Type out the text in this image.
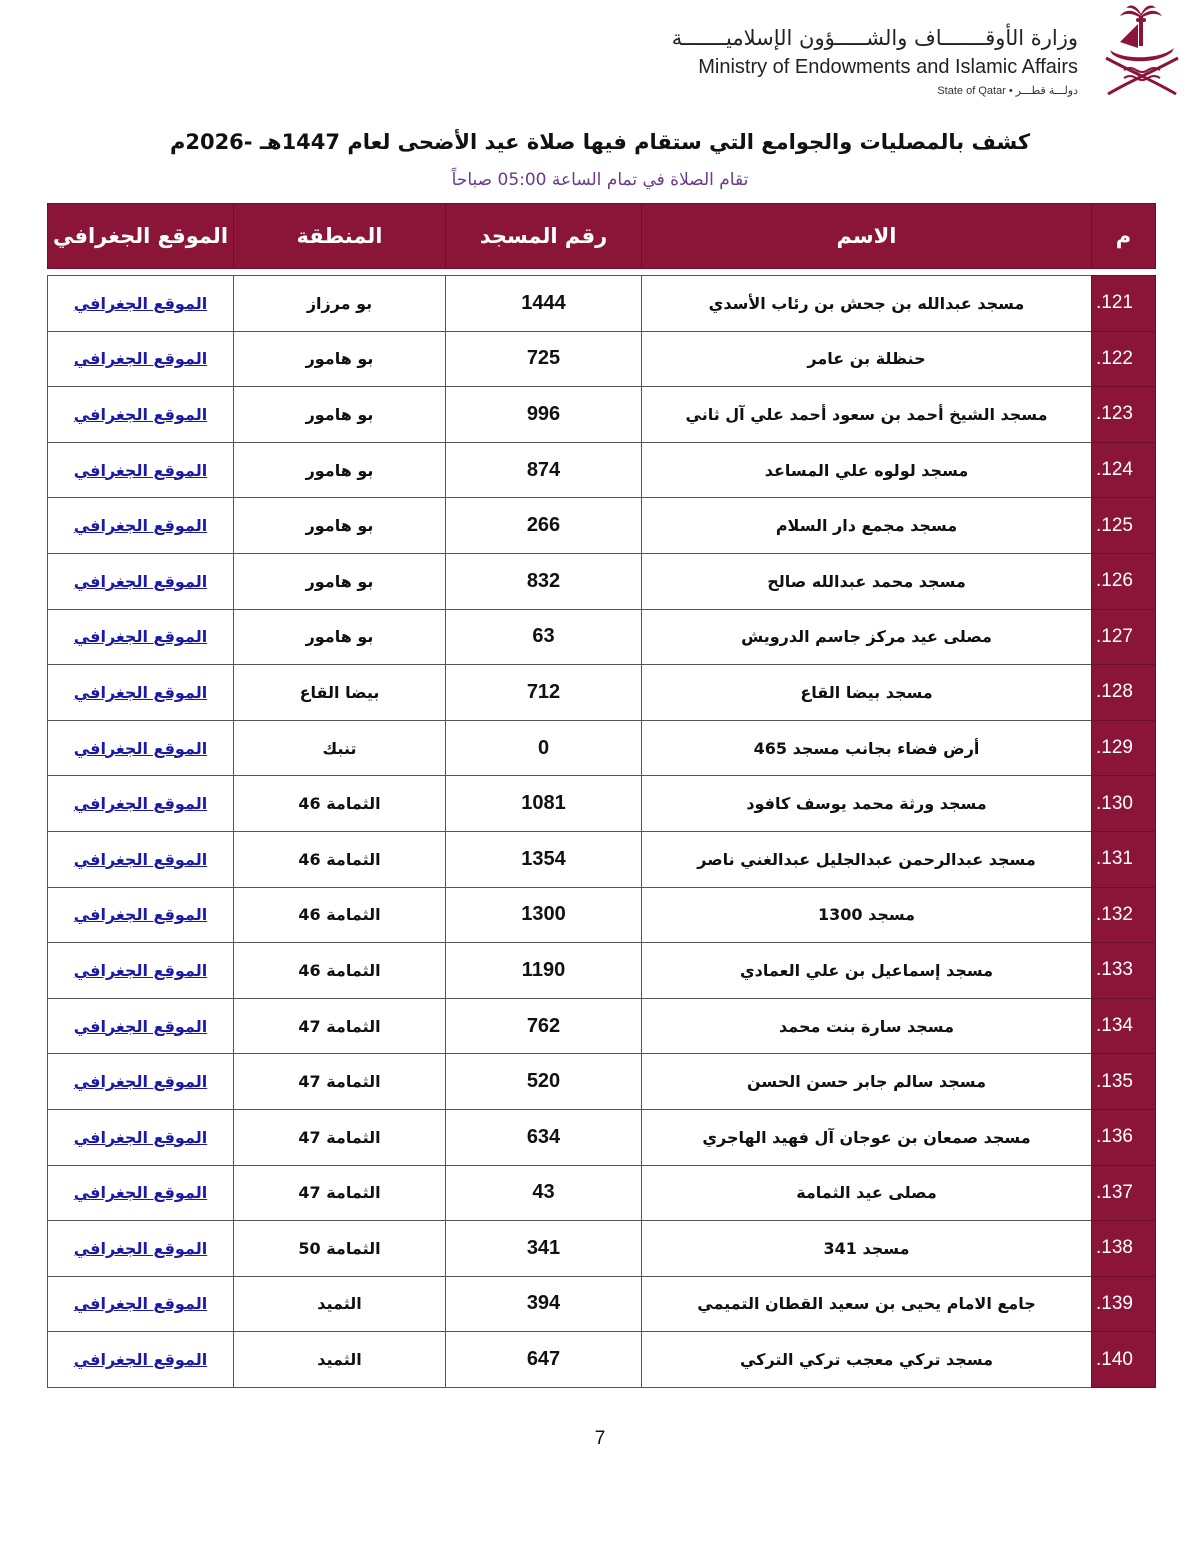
وزارة الأوقـــــــاف والشـــــؤون الإسلاميـــــــة
Ministry of Endowments and Islamic Affairs
State of Qatar • دولـــة قطـــر
كشف بالمصليات والجوامع التي ستقام فيها صلاة عيد الأضحى لعام 1447هـ -2026م
تقام الصلاة في تمام الساعة 05:00 صباحاً
م	الاسم	رقم المسجد	المنطقة	الموقع الجغرافي

121.	مسجد عبدالله بن جحش بن رئاب الأسدي	1444	بو مرزاز	الموقع الجغرافي
122.	حنظلة بن عامر	725	بو هامور	الموقع الجغرافي
123.	مسجد الشيخ أحمد بن سعود أحمد علي آل ثاني	996	بو هامور	الموقع الجغرافي
124.	مسجد لولوه علي المساعد	874	بو هامور	الموقع الجغرافي
125.	مسجد مجمع دار السلام	266	بو هامور	الموقع الجغرافي
126.	مسجد محمد عبدالله صالح	832	بو هامور	الموقع الجغرافي
127.	مصلى عيد مركز جاسم الدرويش	63	بو هامور	الموقع الجغرافي
128.	مسجد بيضا القاع	712	بيضا القاع	الموقع الجغرافي
129.	أرض فضاء بجانب مسجد 465	0	تنبك	الموقع الجغرافي
130.	مسجد ورثة محمد يوسف كافود	1081	الثمامة 46	الموقع الجغرافي
131.	مسجد عبدالرحمن عبدالجليل عبدالغني ناصر	1354	الثمامة 46	الموقع الجغرافي
132.	مسجد 1300	1300	الثمامة 46	الموقع الجغرافي
133.	مسجد إسماعيل بن علي العمادي	1190	الثمامة 46	الموقع الجغرافي
134.	مسجد سارة بنت محمد	762	الثمامة 47	الموقع الجغرافي
135.	مسجد سالم جابر حسن الحسن	520	الثمامة 47	الموقع الجغرافي
136.	مسجد صمعان بن عوجان آل فهيد الهاجري	634	الثمامة 47	الموقع الجغرافي
137.	مصلى عيد الثمامة	43	الثمامة 47	الموقع الجغرافي
138.	مسجد 341	341	الثمامة 50	الموقع الجغرافي
139.	جامع الامام يحيى بن سعيد القطان التميمي	394	الثميد	الموقع الجغرافي
140.	مسجد تركي معجب تركي التركي	647	الثميد	الموقع الجغرافي
7
